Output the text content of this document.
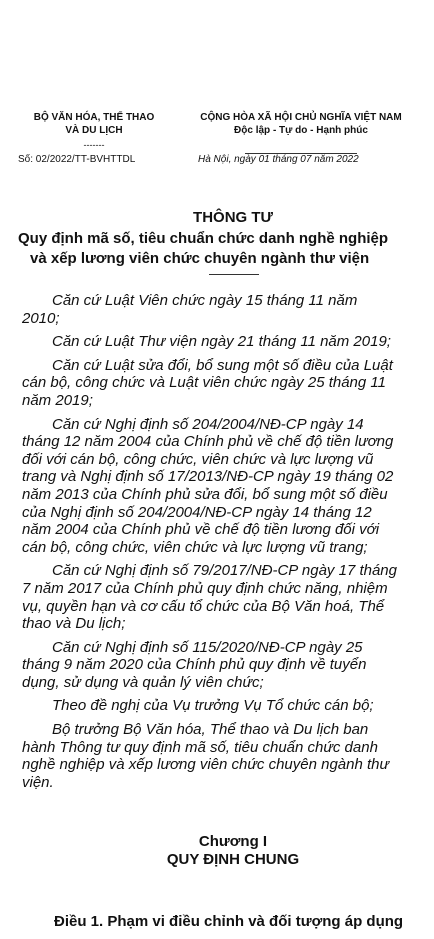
BỘ VĂN HÓA, THỂ THAO
VÀ DU LỊCH
-------
Số: 02/2022/TT-BVHTTDL
CỘNG HÒA XÃ HỘI CHỦ NGHĨA VIỆT NAM
Độc lập - Tự do - Hạnh phúc
Hà Nội, ngày 01 tháng 07 năm 2022
THÔNG TƯ
Quy định mã số, tiêu chuẩn chức danh nghề nghiệp
và xếp lương viên chức chuyên ngành thư viện

Căn cứ Luật Viên chức ngày 15 tháng 11 năm
2010;

Căn cứ Luật Thư viện ngày 21 tháng 11 năm 2019;

Căn cứ Luật sửa đổi, bổ sung một số điều của Luật
cán bộ, công chức và Luật viên chức ngày 25 tháng 11
năm 2019;

Căn cứ Nghị định số 204/2004/NĐ-CP ngày 14
tháng 12 năm 2004 của Chính phủ về chế độ tiền lương
đối với cán bộ, công chức, viên chức và lực lượng vũ
trang và Nghị định số 17/2013/NĐ-CP ngày 19 tháng 02
năm 2013 của Chính phủ sửa đổi, bổ sung một số điều
của Nghị định số 204/2004/NĐ-CP ngày 14 tháng 12
năm 2004 của Chính phủ về chế độ tiền lương đối với
cán bộ, công chức, viên chức và lực lượng vũ trang;

Căn cứ Nghị định số 79/2017/NĐ-CP ngày 17 tháng
7 năm 2017 của Chính phủ quy định chức năng, nhiệm
vụ, quyền hạn và cơ cấu tổ chức của Bộ Văn hoá, Thể
thao và Du lịch;

Căn cứ Nghị định số 115/2020/NĐ-CP ngày 25
tháng 9 năm 2020 của Chính phủ quy định về tuyển
dụng, sử dụng và quản lý viên chức;

Theo đề nghị của Vụ trưởng Vụ Tổ chức cán bộ;

Bộ trưởng Bộ Văn hóa, Thể thao và Du lịch ban
hành Thông tư quy định mã số, tiêu chuẩn chức danh
nghề nghiệp và xếp lương viên chức chuyên ngành thư
viện.

Chương I
QUY ĐỊNH CHUNG
Điều 1. Phạm vi điều chỉnh và đối tượng áp dụng
